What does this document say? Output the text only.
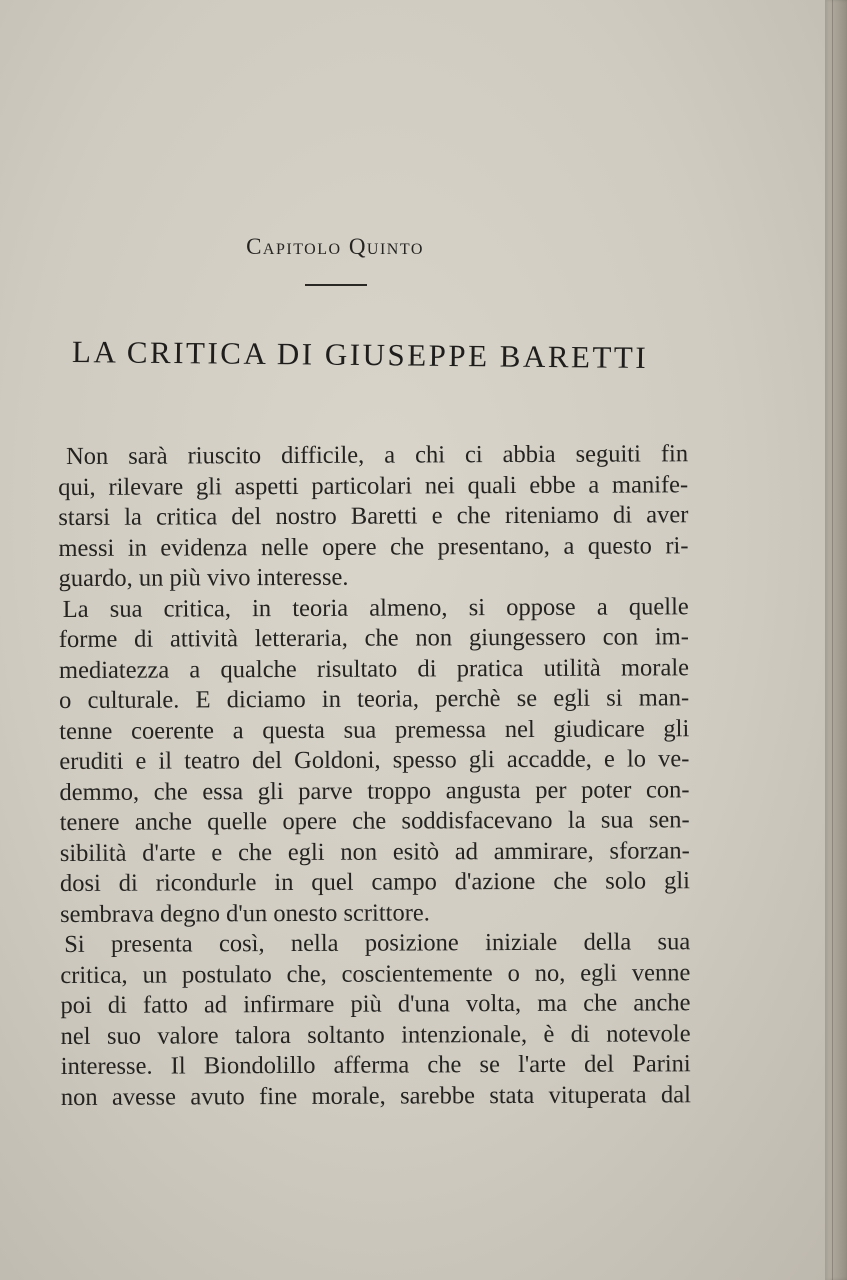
Capitolo Quinto
LA CRITICA DI GIUSEPPE BARETTI
Non sarà riuscito difficile, a chi ci abbia seguiti fin
qui, rilevare gli aspetti particolari nei quali ebbe a manife-
starsi la critica del nostro Baretti e che riteniamo di aver
messi in evidenza nelle opere che presentano, a questo ri-
guardo, un più vivo interesse.
La sua critica, in teoria almeno, si oppose a quelle
forme di attività letteraria, che non giungessero con im-
mediatezza a qualche risultato di pratica utilità morale
o culturale. E diciamo in teoria, perchè se egli si man-
tenne coerente a questa sua premessa nel giudicare gli
eruditi e il teatro del Goldoni, spesso gli accadde, e lo ve-
demmo, che essa gli parve troppo angusta per poter con-
tenere anche quelle opere che soddisfacevano la sua sen-
sibilità d'arte e che egli non esitò ad ammirare, sforzan-
dosi di ricondurle in quel campo d'azione che solo gli
sembrava degno d'un onesto scrittore.
Si presenta così, nella posizione iniziale della sua
critica, un postulato che, coscientemente o no, egli venne
poi di fatto ad infirmare più d'una volta, ma che anche
nel suo valore talora soltanto intenzionale, è di notevole
interesse. Il Biondolillo afferma che se l'arte del Parini
non avesse avuto fine morale, sarebbe stata vituperata dal
